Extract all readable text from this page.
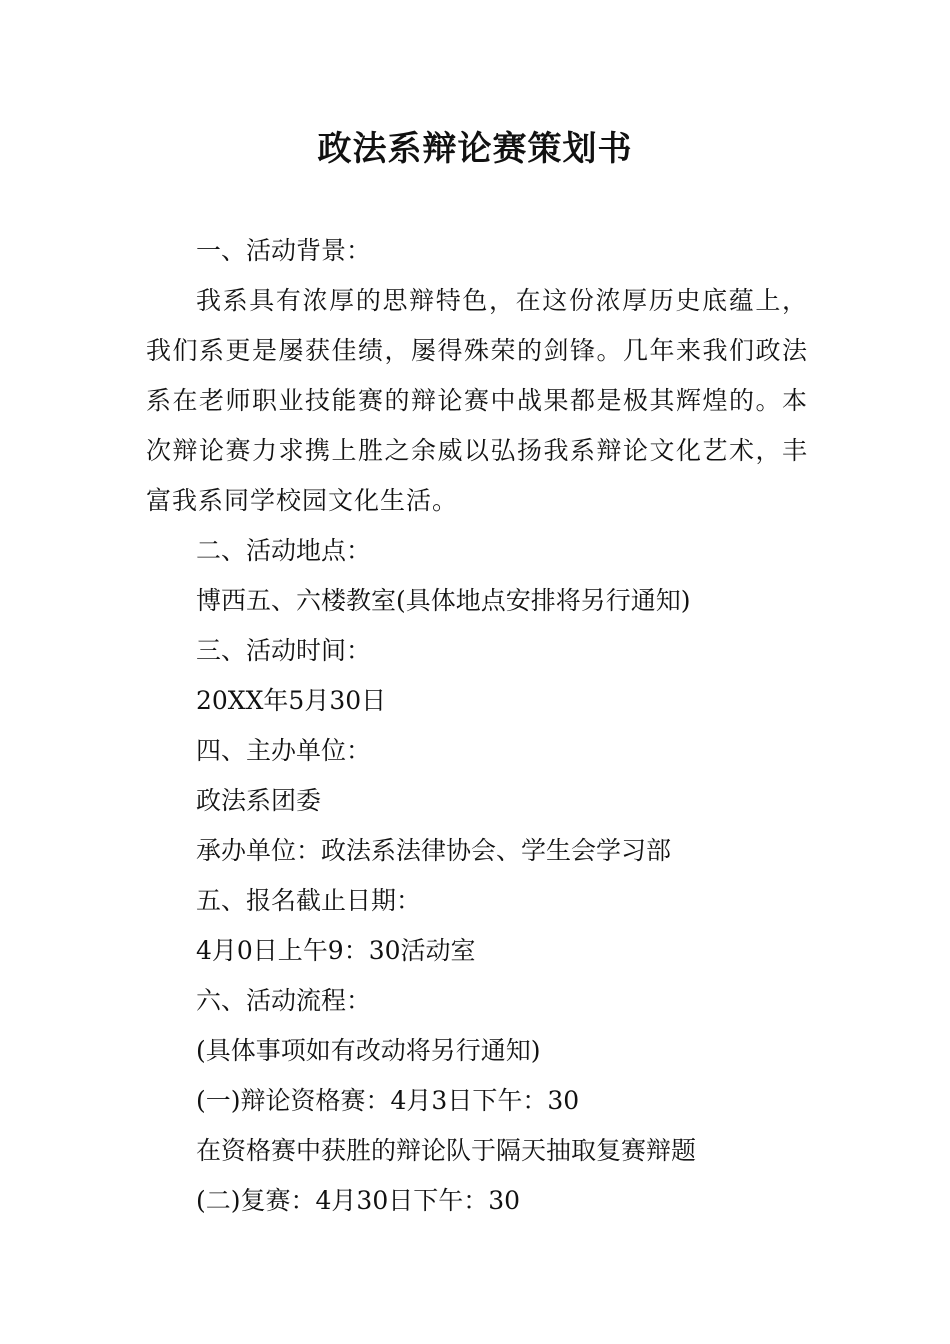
政法系辩论赛策划书

一、活动背景：

我系具有浓厚的思辩特色，在这份浓厚历史底蕴上，我们系更是屡获佳绩，屡得殊荣的剑锋。几年来我们政法系在老师职业技能赛的辩论赛中战果都是极其辉煌的。本次辩论赛力求携上胜之余威以弘扬我系辩论文化艺术，丰富我系同学校园文化生活。

二、活动地点：

博西五、六楼教室(具体地点安排将另行通知)

三、活动时间：

20XX年5月30日

四、主办单位：

政法系团委

承办单位：政法系法律协会、学生会学习部

五、报名截止日期：

4月0日上午9：30活动室

六、活动流程：

(具体事项如有改动将另行通知)

(一)辩论资格赛：4月3日下午：30

在资格赛中获胜的辩论队于隔天抽取复赛辩题

(二)复赛：4月30日下午：30
